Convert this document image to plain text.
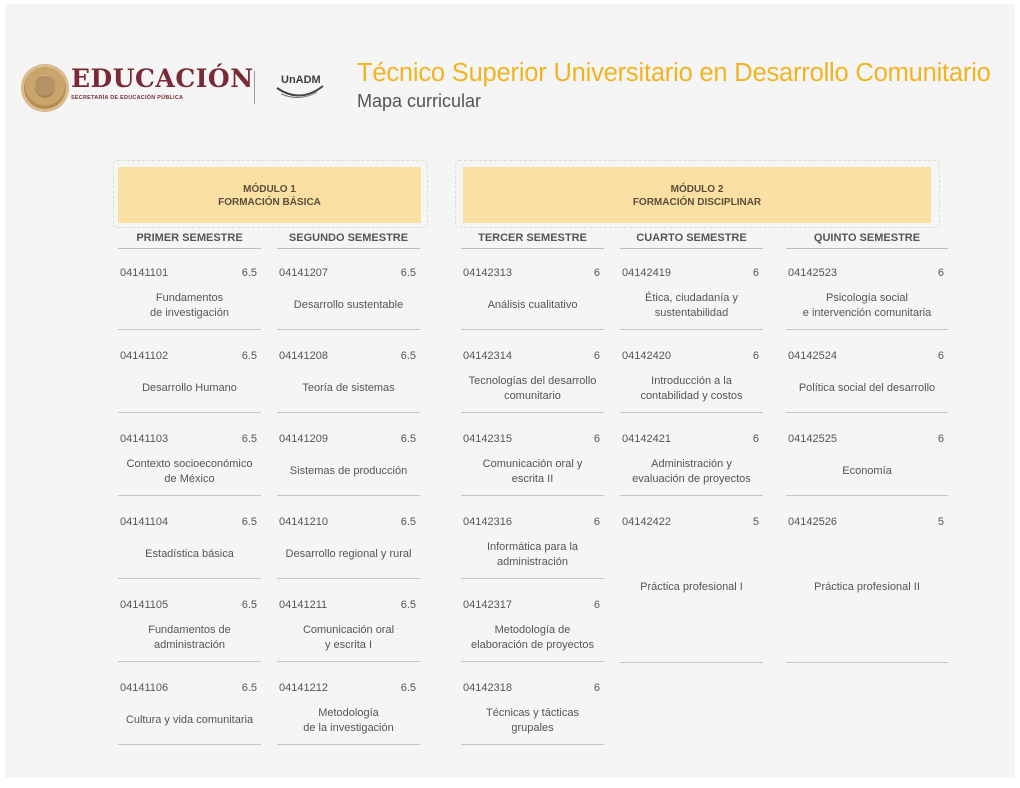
EDUCACIÓN
SECRETARÍA DE EDUCACIÓN PÚBLICA
UnADM Técnico Superior Universitario en Desarrollo Comunitario
Mapa curricular
MÓDULO 1
FORMACIÓN BÁSICA
MÓDULO 2
FORMACIÓN DISCIPLINAR
PRIMER SEMESTRE
04141101	6.5
Fundamentos
de investigación
04141102	6.5
Desarrollo Humano
04141103	6.5
Contexto socioeconómico
de México
04141104	6.5
Estadística básica
04141105	6.5
Fundamentos de
administración
04141106	6.5
Cultura y vida comunitaria
SEGUNDO SEMESTRE
04141207	6.5
Desarrollo sustentable
04141208	6.5
Teoría de sistemas
04141209	6.5
Sistemas de producción
04141210	6.5
Desarrollo regional y rural
04141211	6.5
Comunicación oral
y escrita I
04141212	6.5
Metodología
de la investigación
TERCER SEMESTRE
04142313	6
Análisis cualitativo
04142314	6
Tecnologías del desarrollo
comunitario
04142315	6
Comunicación oral y
escrita II
04142316	6
Informática para la
administración
04142317	6
Metodología de
elaboración de proyectos
04142318	6
Técnicas y tácticas
grupales
CUARTO SEMESTRE
04142419	6
Ética, ciudadanía y
sustentabilidad
04142420	6
Introducción a la
contabilidad y costos
04142421	6
Administración y
evaluación de proyectos
04142422	5
Práctica profesional I
QUINTO SEMESTRE
04142523	6
Psicología social
e intervención comunitaria
04142524	6
Política social del desarrollo
04142525	6
Economía
04142526	5
Práctica profesional II
